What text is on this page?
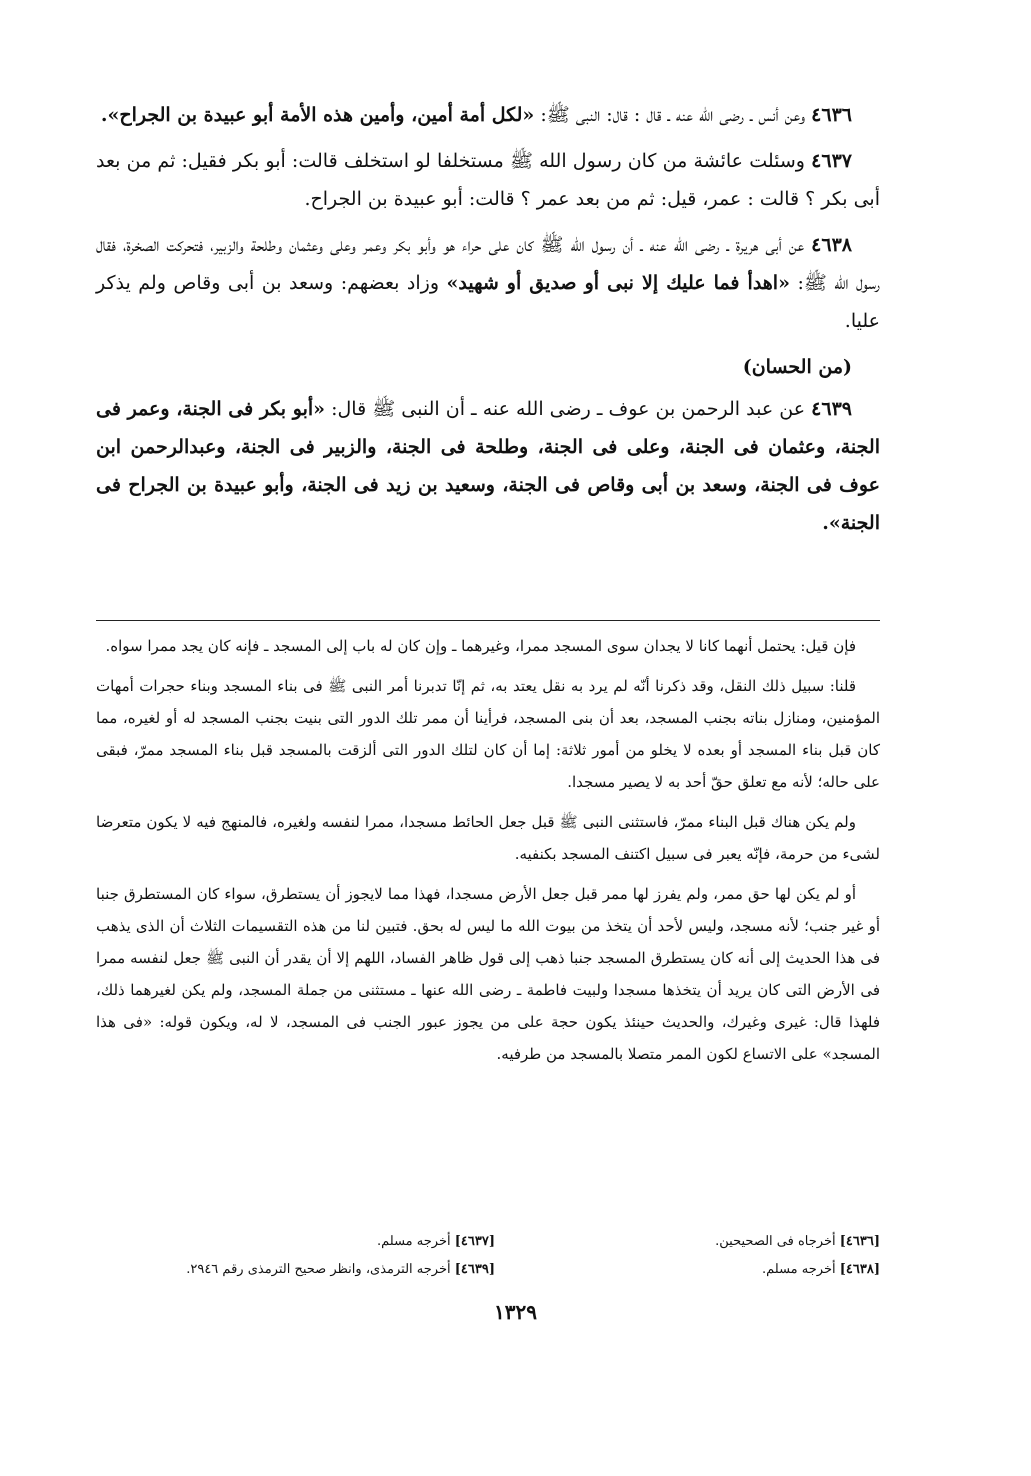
٤٦٣٦ وعن أنس ـ رضى الله عنه ـ قال : قال: النبى ﷺ: «لكل أمة أمين، وأمين هذه الأمة أبو عبيدة بن الجراح».

٤٦٣٧ وسئلت عائشة من كان رسول الله ﷺ مستخلفا لو استخلف قالت: أبو بكر فقيل: ثم من بعد أبى بكر ؟ قالت : عمر، قيل: ثم من بعد عمر ؟ قالت: أبو عبيدة بن الجراح.

٤٦٣٨ عن أبى هريرة ـ رضى الله عنه ـ أن رسول الله ﷺ كان على حراء هو وأبو بكر وعمر وعلى وعثمان وطلحة والزبير، فتحركت الصخرة، فقال رسول الله ﷺ: «اهدأ فما عليك إلا نبى أو صديق أو شهيد» وزاد بعضهم: وسعد بن أبى وقاص ولم يذكر عليا.

(من الحسان)

٤٦٣٩ عن عبد الرحمن بن عوف ـ رضى الله عنه ـ أن النبى ﷺ قال: «أبو بكر فى الجنة، وعمر فى الجنة، وعثمان فى الجنة، وعلى فى الجنة، وطلحة فى الجنة، والزبير فى الجنة، وعبدالرحمن ابن عوف فى الجنة، وسعد بن أبى وقاص فى الجنة، وسعيد بن زيد فى الجنة، وأبو عبيدة بن الجراح فى الجنة».

فإن قيل: يحتمل أنهما كانا لا يجدان سوى المسجد ممرا، وغيرهما ـ وإن كان له باب إلى المسجد ـ فإنه كان يجد ممرا سواه.

قلنا: سبيل ذلك النقل، وقد ذكرنا أنّه لم يرد به نقل يعتد به، ثم إنّا تدبرنا أمر النبى ﷺ فى بناء المسجد وبناء حجرات أمهات المؤمنين، ومنازل بناته بجنب المسجد، بعد أن بنى المسجد، فرأينا أن ممر تلك الدور التى بنيت بجنب المسجد له أو لغيره، مما كان قبل بناء المسجد أو بعده لا يخلو من أمور ثلاثة: إما أن كان لتلك الدور التى ألزقت بالمسجد قبل بناء المسجد ممرّ، فبقى على حاله؛ لأنه مع تعلق حقّ أحد به لا يصير مسجدا.

ولم يكن هناك قبل البناء ممرّ، فاستثنى النبى ﷺ قبل جعل الحائط مسجدا، ممرا لنفسه ولغيره، فالمنهج فيه لا يكون متعرضا لشىء من حرمة، فإنّه يعبر فى سبيل اكتنف المسجد بكنفيه.

أو لم يكن لها حق ممر، ولم يفرز لها ممر قبل جعل الأرض مسجدا، فهذا مما لايجوز أن يستطرق، سواء كان المستطرق جنبا أو غير جنب؛ لأنه مسجد، وليس لأحد أن يتخذ من بيوت الله ما ليس له بحق. فتبين لنا من هذه التقسيمات الثلاث أن الذى يذهب فى هذا الحديث إلى أنه كان يستطرق المسجد جنبا ذهب إلى قول ظاهر الفساد، اللهم إلا أن يقدر أن النبى ﷺ جعل لنفسه ممرا فى الأرض التى كان يريد أن يتخذها مسجدا ولبيت فاطمة ـ رضى الله عنها ـ مستثنى من جملة المسجد، ولم يكن لغيرهما ذلك، فلهذا قال: غيرى وغيرك، والحديث حينئذ يكون حجة على من يجوز عبور الجنب فى المسجد، لا له، ويكون قوله: «فى هذا المسجد» على الاتساع لكون الممر متصلا بالمسجد من طرفيه.

[٤٦٣٦] أخرجاه فى الصحيحين.
[٤٦٣٧] أخرجه مسلم.
[٤٦٣٨] أخرجه مسلم.
[٤٦٣٩] أخرجه الترمذى، وانظر صحيح الترمذى رقم ٢٩٤٦.
١٣٢٩
